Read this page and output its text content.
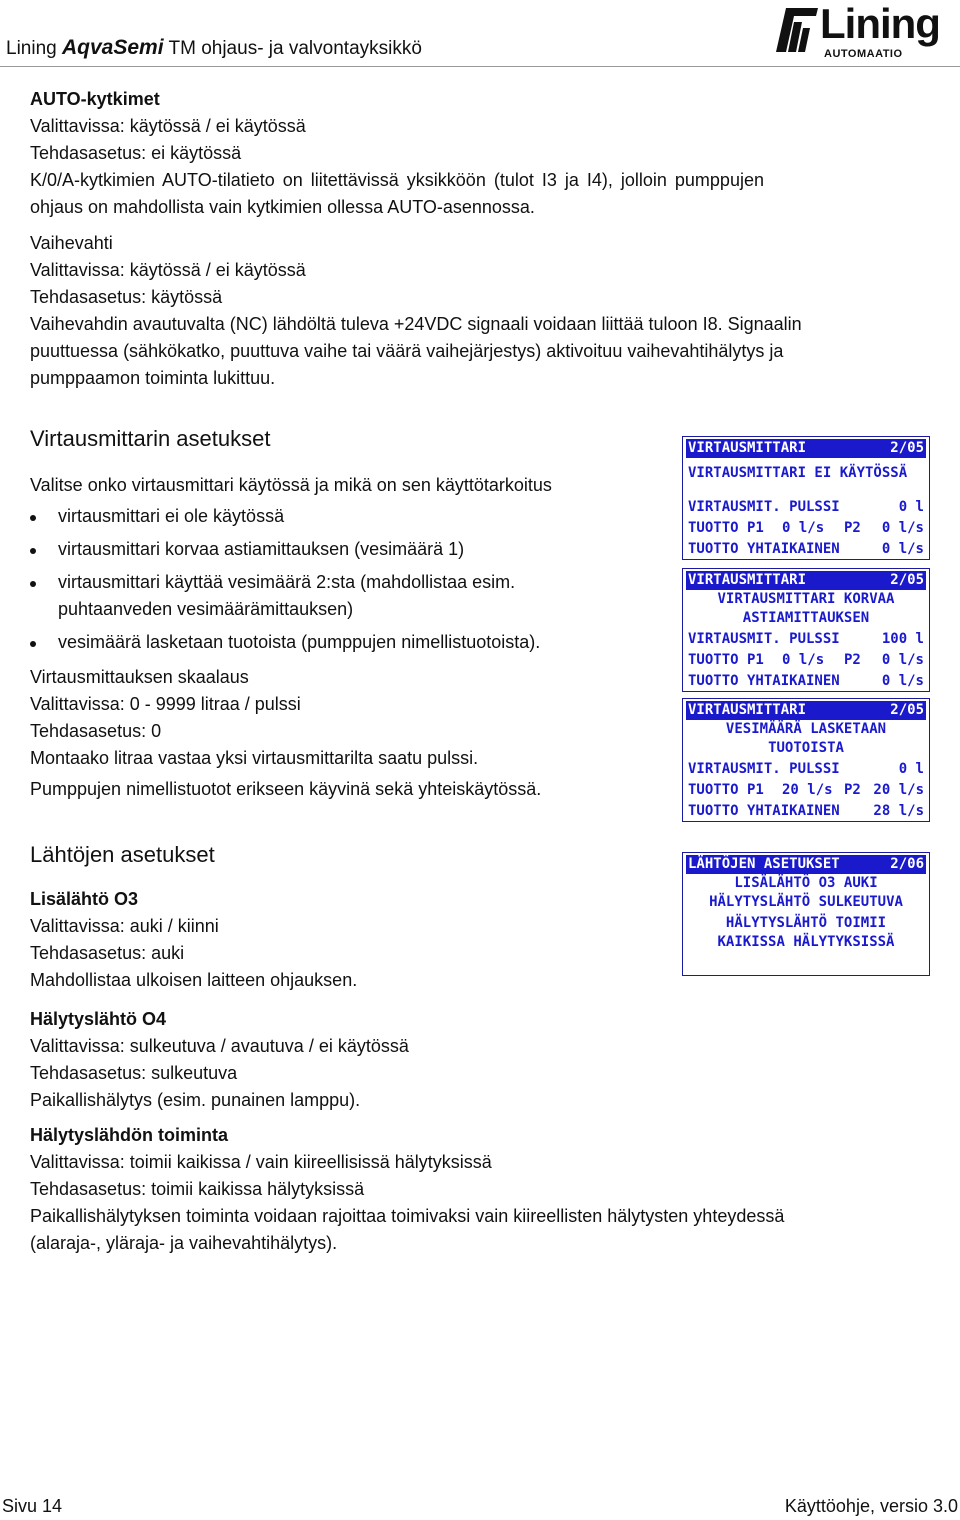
Lining AqvaSemi TM ohjaus- ja valvontayksikkö
Lining
AUTOMAATIO
AUTO-kytkimet
Valittavissa: käytössä / ei käytössä
Tehdasasetus: ei käytössä
K/0/A-kytkimien AUTO-tilatieto on liitettävissä yksikköön (tulot I3 ja I4), jolloin pumppujen
ohjaus on mahdollista vain kytkimien ollessa AUTO-asennossa.
Vaihevahti
Valittavissa: käytössä / ei käytössä
Tehdasasetus: käytössä
Vaihevahdin avautuvalta (NC) lähdöltä tuleva +24VDC signaali voidaan liittää tuloon I8. Signaalin
puuttuessa (sähkökatko, puuttuva vaihe tai väärä vaihejärjestys) aktivoituu vaihevahtihälytys ja
pumppaamon toiminta lukittuu.
Virtausmittarin asetukset
Valitse onko virtausmittari käytössä ja mikä on sen käyttötarkoitus
virtausmittari ei ole käytössä
virtausmittari korvaa astiamittauksen (vesimäärä 1)
virtausmittari käyttää vesimäärä 2:sta (mahdollistaa esim.
puhtaanveden vesimäärämittauksen)
vesimäärä lasketaan tuotoista (pumppujen nimellistuotoista).
Virtausmittauksen skaalaus
Valittavissa: 0 - 9999 litraa / pulssi
Tehdasasetus: 0
Montaako litraa vastaa yksi virtausmittarilta saatu pulssi.
Pumppujen nimellistuotot erikseen käyvinä sekä yhteiskäytössä.
VIRTAUSMITTARI	2/05
VIRTAUSMITTARI EI KÄYTÖSSÄ
VIRTAUSMIT. PULSSI	0 l
TUOTTO P1 0 l/s P2 0 l/s
TUOTTO YHTAIKAINEN	0 l/s
VIRTAUSMITTARI	2/05
VIRTAUSMITTARI KORVAA
ASTIAMITTAUKSEN
VIRTAUSMIT. PULSSI	100 l
TUOTTO P1 0 l/s P2 0 l/s
TUOTTO YHTAIKAINEN	0 l/s
VIRTAUSMITTARI	2/05
VESIMÄÄRÄ LASKETAAN
TUOTOISTA
VIRTAUSMIT. PULSSI	0 l
TUOTTO P1 20 l/s P2 20 l/s
TUOTTO YHTAIKAINEN 28 l/s
Lähtöjen asetukset	LÄHTÖJEN ASETUKSET	2/06
LISÄLÄHTÖ O3 AUKI
HÄLYTYSLÄHTÖ SULKEUTUVA
HÄLYTYSLÄHTÖ TOIMII
KAIKISSA HÄLYTYKSISSÄ
Lisälähtö O3
Valittavissa: auki / kiinni
Tehdasasetus: auki
Mahdollistaa ulkoisen laitteen ohjauksen.
Hälytyslähtö O4
Valittavissa: sulkeutuva / avautuva / ei käytössä
Tehdasasetus: sulkeutuva
Paikallishälytys (esim. punainen lamppu).
Hälytyslähdön toiminta
Valittavissa: toimii kaikissa / vain kiireellisissä hälytyksissä
Tehdasasetus: toimii kaikissa hälytyksissä
Paikallishälytyksen toiminta voidaan rajoittaa toimivaksi vain kiireellisten hälytysten yhteydessä
(alaraja-, yläraja- ja vaihevahtihälytys).
Sivu 14	Käyttöohje, versio 3.0
